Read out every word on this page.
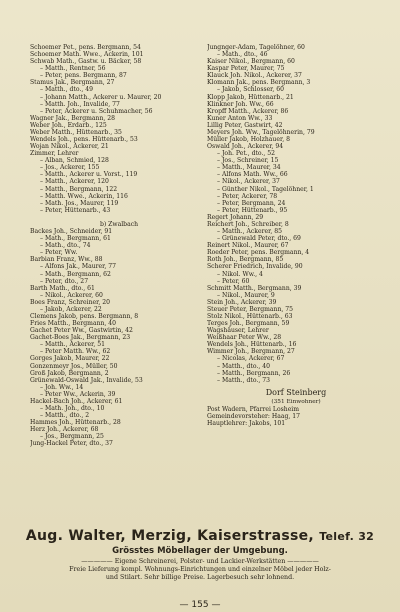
Schoemer Pet., pens. Bergmann, 54
Schoemer Math. Wwe., Ackerin, 101
Schwab Math., Gastw. u. Bäcker, 58
– Matth., Rentner, 56
– Peter, pens. Bergmann, 87
Stamus Jak., Bergmann, 27
– Matth., dto., 49
– Johann Matth., Ackerer u. Maurer, 20
– Matth. Joh., Invalide, 77
– Peter, Ackerer u. Schuhmacher, 56
Wagner Jak., Bergmann, 28
Weber Joh., Erdarb., 125
Weber Matth., Hüttenarb., 35
Wendels Joh., pens. Hüttenarb., 53
Wojan Nikol., Ackerer, 21
Zimmer, Lehrer
– Alban, Schmied, 128
– Jos., Ackerer, 155
– Matth., Ackerer u. Vorst., 119
– Matth., Ackerer, 120
– Matth., Bergmann, 122
– Matth. Wwe., Ackerin, 116
– Math. Jos., Maurer, 119
– Peter, Hüttenarb., 43
b) Zwalbach
Backes Joh., Schneider, 91
– Math., Bergmann, 61
– Math., dto., 74
– Peter, Ww.
Barbian Franz, Ww., 88
– Alfons Jak., Maurer, 77
– Math., Bergmann, 62
– Peter, dto., 27
Barth Math., dto., 61
– Nikol., Ackerer, 60
Boes Franz, Schreiner, 20
– Jakob, Ackerer, 22
Clemens Jakob, pens. Bergmann, 8
Fries Matth., Bergmann, 40
Gachet Peter Ww., Gastwirtin, 42
Gachet-Boes Jak., Bergmann, 23
– Matth., Ackerer, 51
– Peter Matth. Ww., 62
Gorges Jakob, Maurer, 22
Gonzenmeyr Jos., Müller, 50
Groß Jakob, Bergmann, 2
Grünewald-Oswald Jak., Invalide, 53
– Joh. Ww., 14
– Peter Ww., Ackerin, 39
Hackel-Bach Joh., Ackerer, 61
– Math. Joh., dto., 10
– Matth., dto., 2
Hammes Joh., Hüttenarb., 28
Herz Joh., Ackerer, 68
– Jos., Bergmann, 25
Jung-Hackel Peter, dto., 37
Jungnger-Adam, Tagelöhner, 60
– Math., dto., 46
Kaiser Nikol., Bergmann, 60
Kaspar Peter, Maurer, 75
Klauck Joh. Nikol., Ackerer, 37
Klomann Jak., pens. Bergmann, 3
– Jakob, Schlosser, 60
Klopp Jakob, Hüttenarb., 21
Klinkner Joh. Ww., 66
Kropff Matth., Ackerer, 86
Kuner Anton Ww., 33
Lillig Peter, Gastwirt, 42
Meyers Joh. Ww., Tagelöhnerin, 79
Müller Jakob, Holzhauer, 8
Oswald Joh., Ackerer, 94
– Joh. Pet., dto., 52
– Jos., Schreiner, 15
– Matth., Maurer, 34
– Alfons Math. Ww., 66
– Nikol., Ackerer, 37
– Günther Nikol., Tagelöhner, 1
– Peter, Ackerer, 78
– Peter, Bergmann, 24
– Peter, Hüttenarb., 95
Regert Johann, 29
Reichert Joh., Schreiber, 8
– Matth., Ackerer, 85
– Grünewald Peter, dto., 69
Reinert Nikol., Maurer, 67
Roeder Peter, pens. Bergmann, 4
Roth Joh., Bergmann, 85
Scherer Friedrich, Invalide, 90
– Nikol. Ww., 4
– Peter, 60
Schmitt Matth., Bergmann, 39
– Nikol., Maurer, 9
Stein Joh., Ackerer, 39
Steuer Peter, Bergmann, 75
Stolz Nikol., Hüttenarb., 63
Terges Joh., Bergmann, 59
Wagshäuser, Lehrer
Weißhaar Peter Ww., 28
Wendels Joh., Hüttenarb., 16
Wimmer Joh., Bergmann, 27
– Nicolas, Ackerer, 67
– Matth., dto., 40
– Matth., Bergmann, 26
– Matth., dto., 73
Dorf Steinberg
(351 Einwohner)
Post Wadern, Pfarrei Losheim
Gemeindevorsteher: Haag, 17
Hauptlehrer: Jakobs, 101
Aug. Walter, Merzig, Kaiserstrasse, Telef. 32
Grösstes Möbellager der Umgebung.
————— Eigene Schreinerei, Polster- und Lackier-Werkstätten —————
Freie Lieferung kompl. Wohnungs-Einrichtungen und einzelner Möbel jeder Holz-
und Stilart. Sehr billige Preise. Lagerbesuch sehr lohnend.
— 155 —
